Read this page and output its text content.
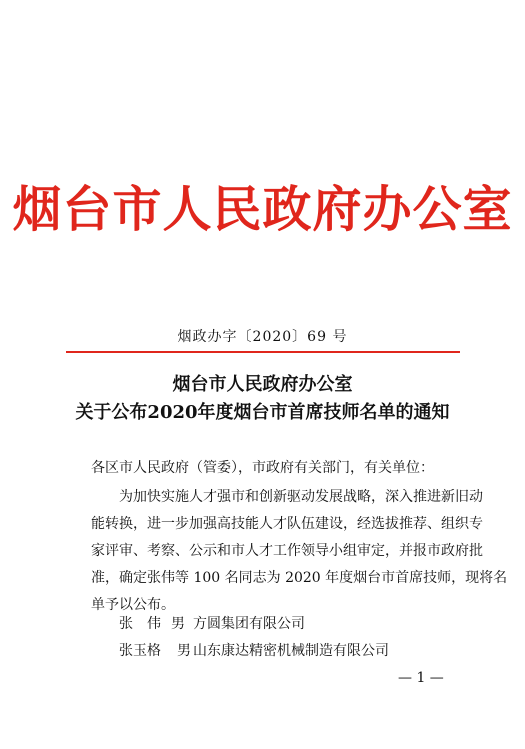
烟台市人民政府办公室
烟政办字〔2020〕69 号
烟台市人民政府办公室
关于公布2020年度烟台市首席技师名单的通知
各区市人民政府（管委），市政府有关部门，有关单位：
为加快实施人才强市和创新驱动发展战略，深入推进新旧动
能转换，进一步加强高技能人才队伍建设，经选拔推荐、组织专
家评审、考察、公示和市人才工作领导小组审定，并报市政府批
准，确定张伟等 100 名同志为 2020 年度烟台市首席技师，现将名
单予以公布。
张　伟 男 方圆集团有限公司
张玉格 男 山东康达精密机械制造有限公司
— 1 —
